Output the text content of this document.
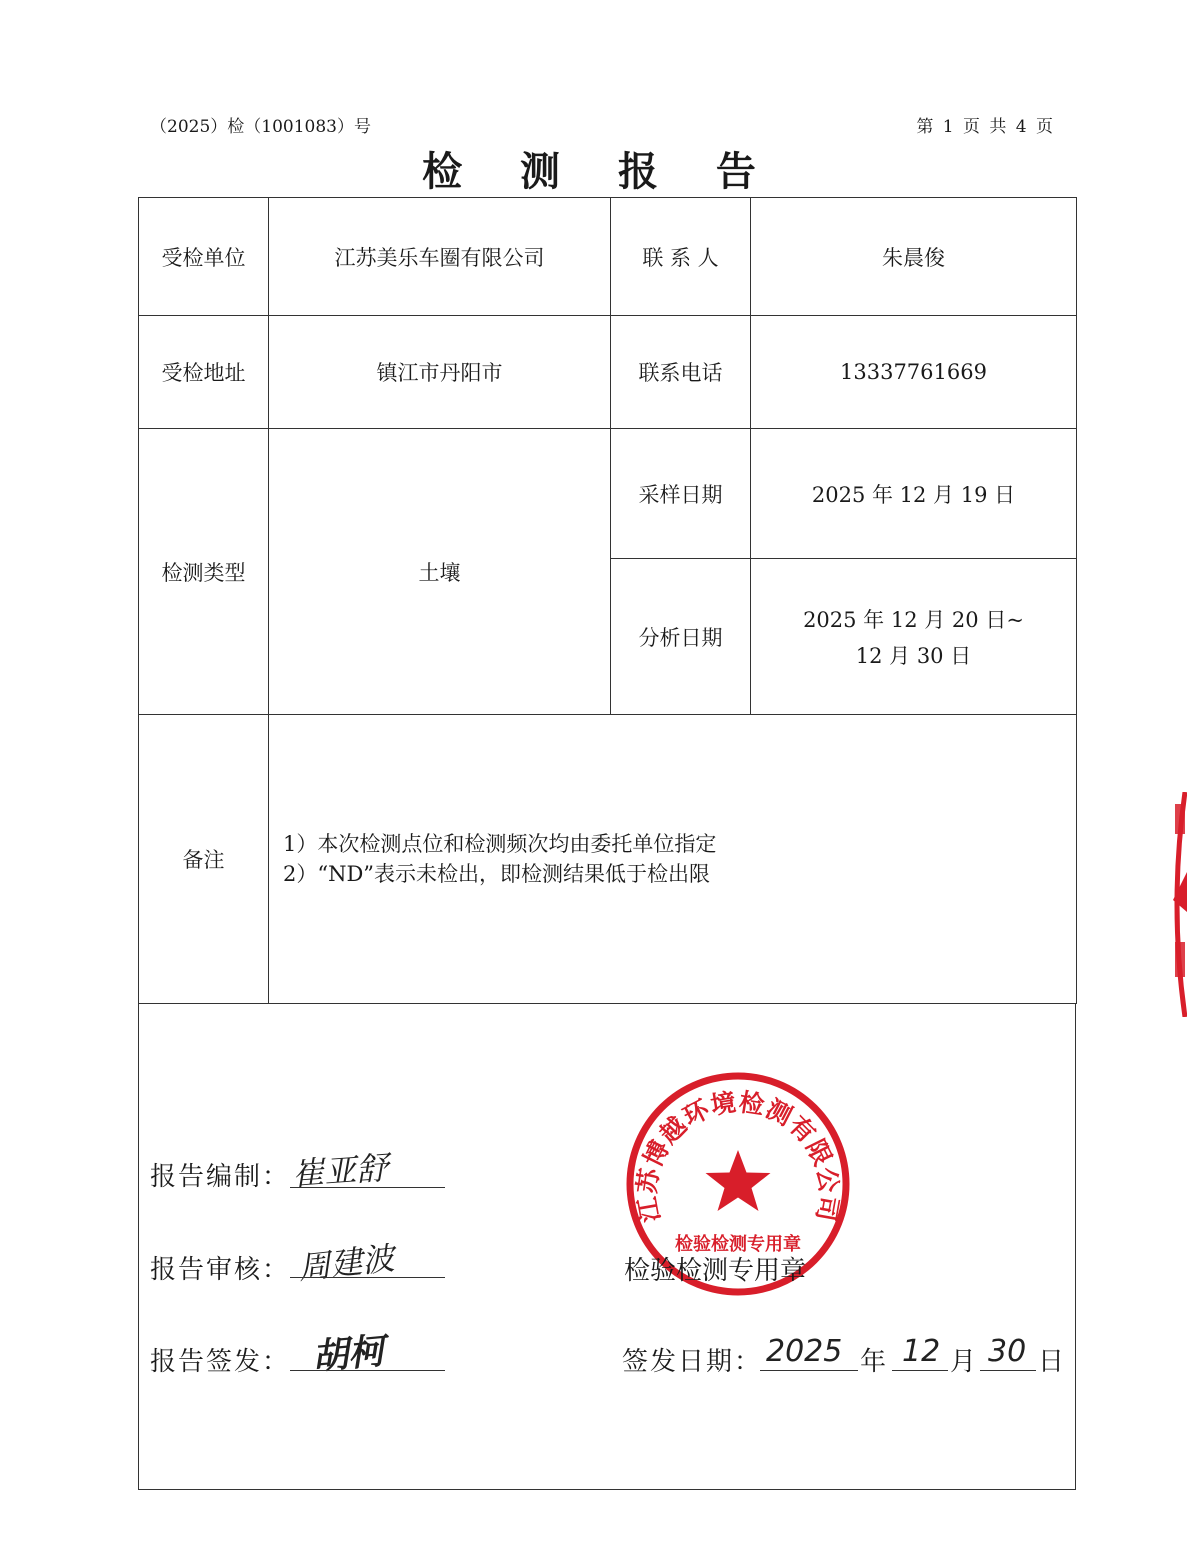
（2025）检（1001083）号	第 1 页 共 4 页
检 测 报 告
受检单位	江苏美乐车圈有限公司	联 系 人	朱晨俊
受检地址	镇江市丹阳市	联系电话	13337761669
检测类型	土壤	采样日期	2025 年 12 月 19 日
		分析日期	2025 年 12 月 20 日~
12 月 30 日

备注	1）本次检测点位和检测频次均由委托单位指定
2）“ND”表示未检出，即检测结果低于检出限		
江苏博越环境检测有限公司
检验检测专用章
报告编制： 崔亚舒
报告审核： 周建波	检验检测专用章
报告签发： 胡柯	签发日期： 2025 年 12 月 30 日
